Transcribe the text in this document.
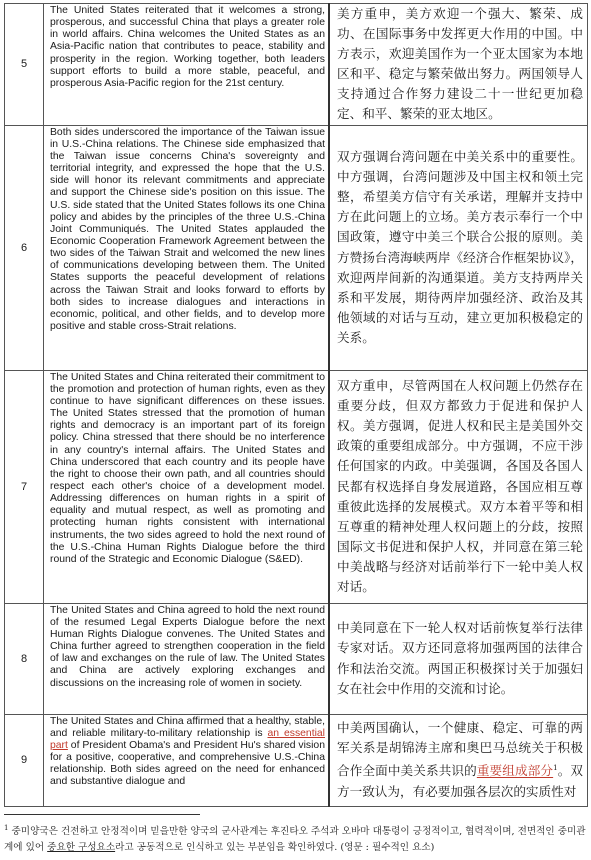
5	The United States reiterated that it welcomes a strong, prosperous, and successful China that plays a greater role in world affairs. China welcomes the United States as an Asia-Pacific nation that contributes to peace, stability and prosperity in the region. Working together, both leaders support efforts to build a more stable, peaceful, and prosperous Asia-Pacific region for the 21st century.	美方重申，美方欢迎一个强大、繁荣、成功、在国际事务中发挥更大作用的中国。中方表示，欢迎美国作为一个亚太国家为本地区和平、稳定与繁荣做出努力。两国领导人支持通过合作努力建设二十一世纪更加稳定、和平、繁荣的亚太地区。
6	Both sides underscored the importance of the Taiwan issue in U.S.-China relations. The Chinese side emphasized that the Taiwan issue concerns China's sovereignty and territorial integrity, and expressed the hope that the U.S. side will honor its relevant commitments and appreciate and support the Chinese side's position on this issue. The U.S. side stated that the United States follows its one China policy and abides by the principles of the three U.S.-China Joint Communiqués. The United States applauded the Economic Cooperation Framework Agreement between the two sides of the Taiwan Strait and welcomed the new lines of communications developing between them. The United States supports the peaceful development of relations across the Taiwan Strait and looks forward to efforts by both sides to increase dialogues and interactions in economic, political, and other fields, and to develop more positive and stable cross-Strait relations.	双方强调台湾问题在中美关系中的重要性。中方强调，台湾问题涉及中国主权和领土完整，希望美方信守有关承诺，理解并支持中方在此问题上的立场。美方表示奉行一个中国政策，遵守中美三个联合公报的原则。美方赞扬台湾海峡两岸《经济合作框架协议》，欢迎两岸间新的沟通渠道。美方支持两岸关系和平发展，期待两岸加强经济、政治及其他领域的对话与互动，建立更加积极稳定的关系。
7	The United States and China reiterated their commitment to the promotion and protection of human rights, even as they continue to have significant differences on these issues. The United States stressed that the promotion of human rights and democracy is an important part of its foreign policy. China stressed that there should be no interference in any country's internal affairs. The United States and China underscored that each country and its people have the right to choose their own path, and all countries should respect each other's choice of a development model. Addressing differences on human rights in a spirit of equality and mutual respect, as well as promoting and protecting human rights consistent with international instruments, the two sides agreed to hold the next round of the U.S.-China Human Rights Dialogue before the third round of the Strategic and Economic Dialogue (S&ED).	双方重申，尽管两国在人权问题上仍然存在重要分歧，但双方都致力于促进和保护人权。美方强调，促进人权和民主是美国外交政策的重要组成部分。中方强调，不应干涉任何国家的内政。中美强调，各国及各国人民都有权选择自身发展道路，各国应相互尊重彼此选择的发展模式。双方本着平等和相互尊重的精神处理人权问题上的分歧，按照国际文书促进和保护人权，并同意在第三轮中美战略与经济对话前举行下一轮中美人权对话。
8	The United States and China agreed to hold the next round of the resumed Legal Experts Dialogue before the next Human Rights Dialogue convenes. The United States and China further agreed to strengthen cooperation in the field of law and exchanges on the rule of law. The United States and China are actively exploring exchanges and discussions on the increasing role of women in society.	中美同意在下一轮人权对话前恢复举行法律专家对话。双方还同意将加强两国的法律合作和法治交流。两国正积极探讨关于加强妇女在社会中作用的交流和讨论。
9	The United States and China affirmed that a healthy, stable, and reliable military-to-military relationship is an essential part of President Obama's and President Hu's shared vision for a positive, cooperative, and comprehensive U.S.-China relationship. Both sides agreed on the need for enhanced and substantive dialogue and	中美两国确认，一个健康、稳定、可靠的两军关系是胡锦涛主席和奥巴马总统关于积极合作全面中美关系共识的重要组成部分$^1$。双方一致认为，有必要加强各层次的实质性对
$^1$ 중미양국은 건전하고 안정적이며 믿을만한 양국의 군사관계는 후진타오 주석과 오바마 대통령이 긍정적이고, 협력적이며, 전면적인 중미관계에 있어 중요한 구성요소라고 공동적으로 인식하고 있는 부분임을 확인하였다. (영문 : 필수적인 요소)
